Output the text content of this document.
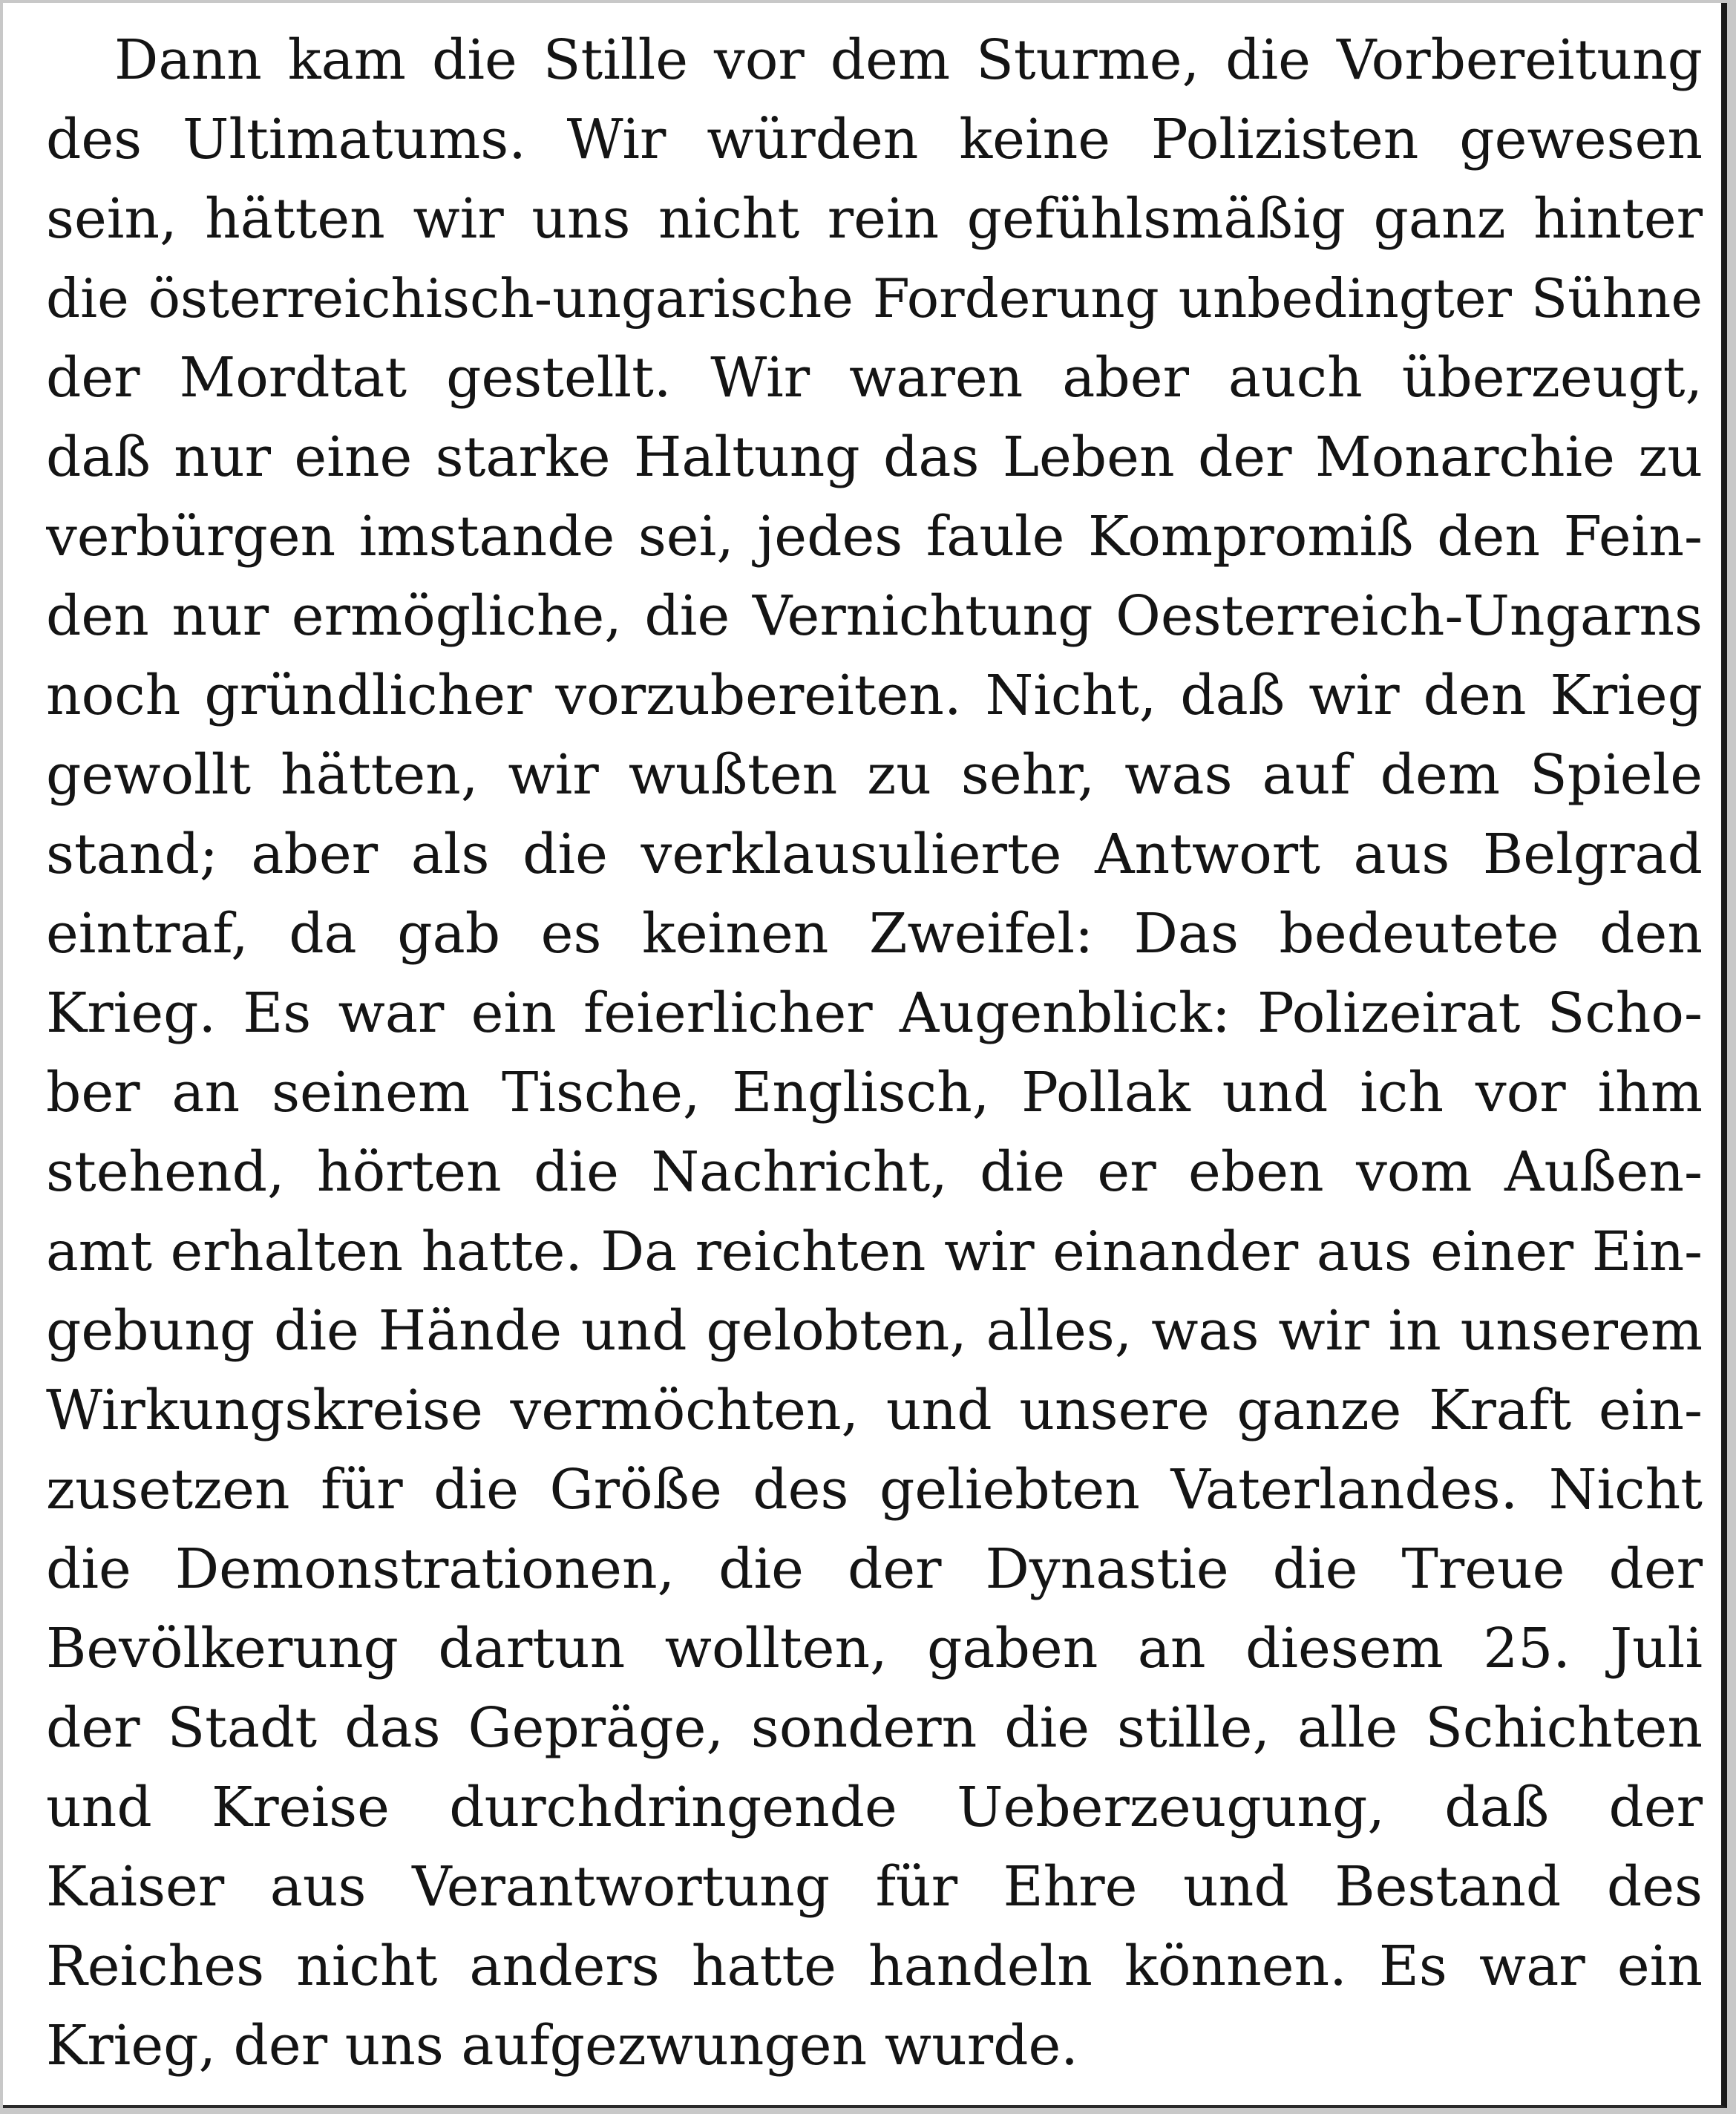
Dann kam die Stille vor dem Sturme, die Vorbereitung
des Ultimatums. Wir würden keine Polizisten gewesen
sein, hätten wir uns nicht rein gefühlsmäßig ganz hinter
die österreichisch-ungarische Forderung unbedingter Sühne
der Mordtat gestellt. Wir waren aber auch überzeugt,
daß nur eine starke Haltung das Leben der Monarchie zu
verbürgen imstande sei, jedes faule Kompromiß den Fein-
den nur ermögliche, die Vernichtung Oesterreich-Ungarns
noch gründlicher vorzubereiten. Nicht, daß wir den Krieg
gewollt hätten, wir wußten zu sehr, was auf dem Spiele
stand; aber als die verklausulierte Antwort aus Belgrad
eintraf, da gab es keinen Zweifel: Das bedeutete den
Krieg. Es war ein feierlicher Augenblick: Polizeirat Scho-
ber an seinem Tische, Englisch, Pollak und ich vor ihm
stehend, hörten die Nachricht, die er eben vom Außen-
amt erhalten hatte. Da reichten wir einander aus einer Ein-
gebung die Hände und gelobten, alles, was wir in unserem
Wirkungskreise vermöchten, und unsere ganze Kraft ein-
zusetzen für die Größe des geliebten Vaterlandes. Nicht
die Demonstrationen, die der Dynastie die Treue der
Bevölkerung dartun wollten, gaben an diesem 25. Juli
der Stadt das Gepräge, sondern die stille, alle Schichten
und Kreise durchdringende Ueberzeugung, daß der
Kaiser aus Verantwortung für Ehre und Bestand des
Reiches nicht anders hatte handeln können. Es war ein
Krieg, der uns aufgezwungen wurde.
